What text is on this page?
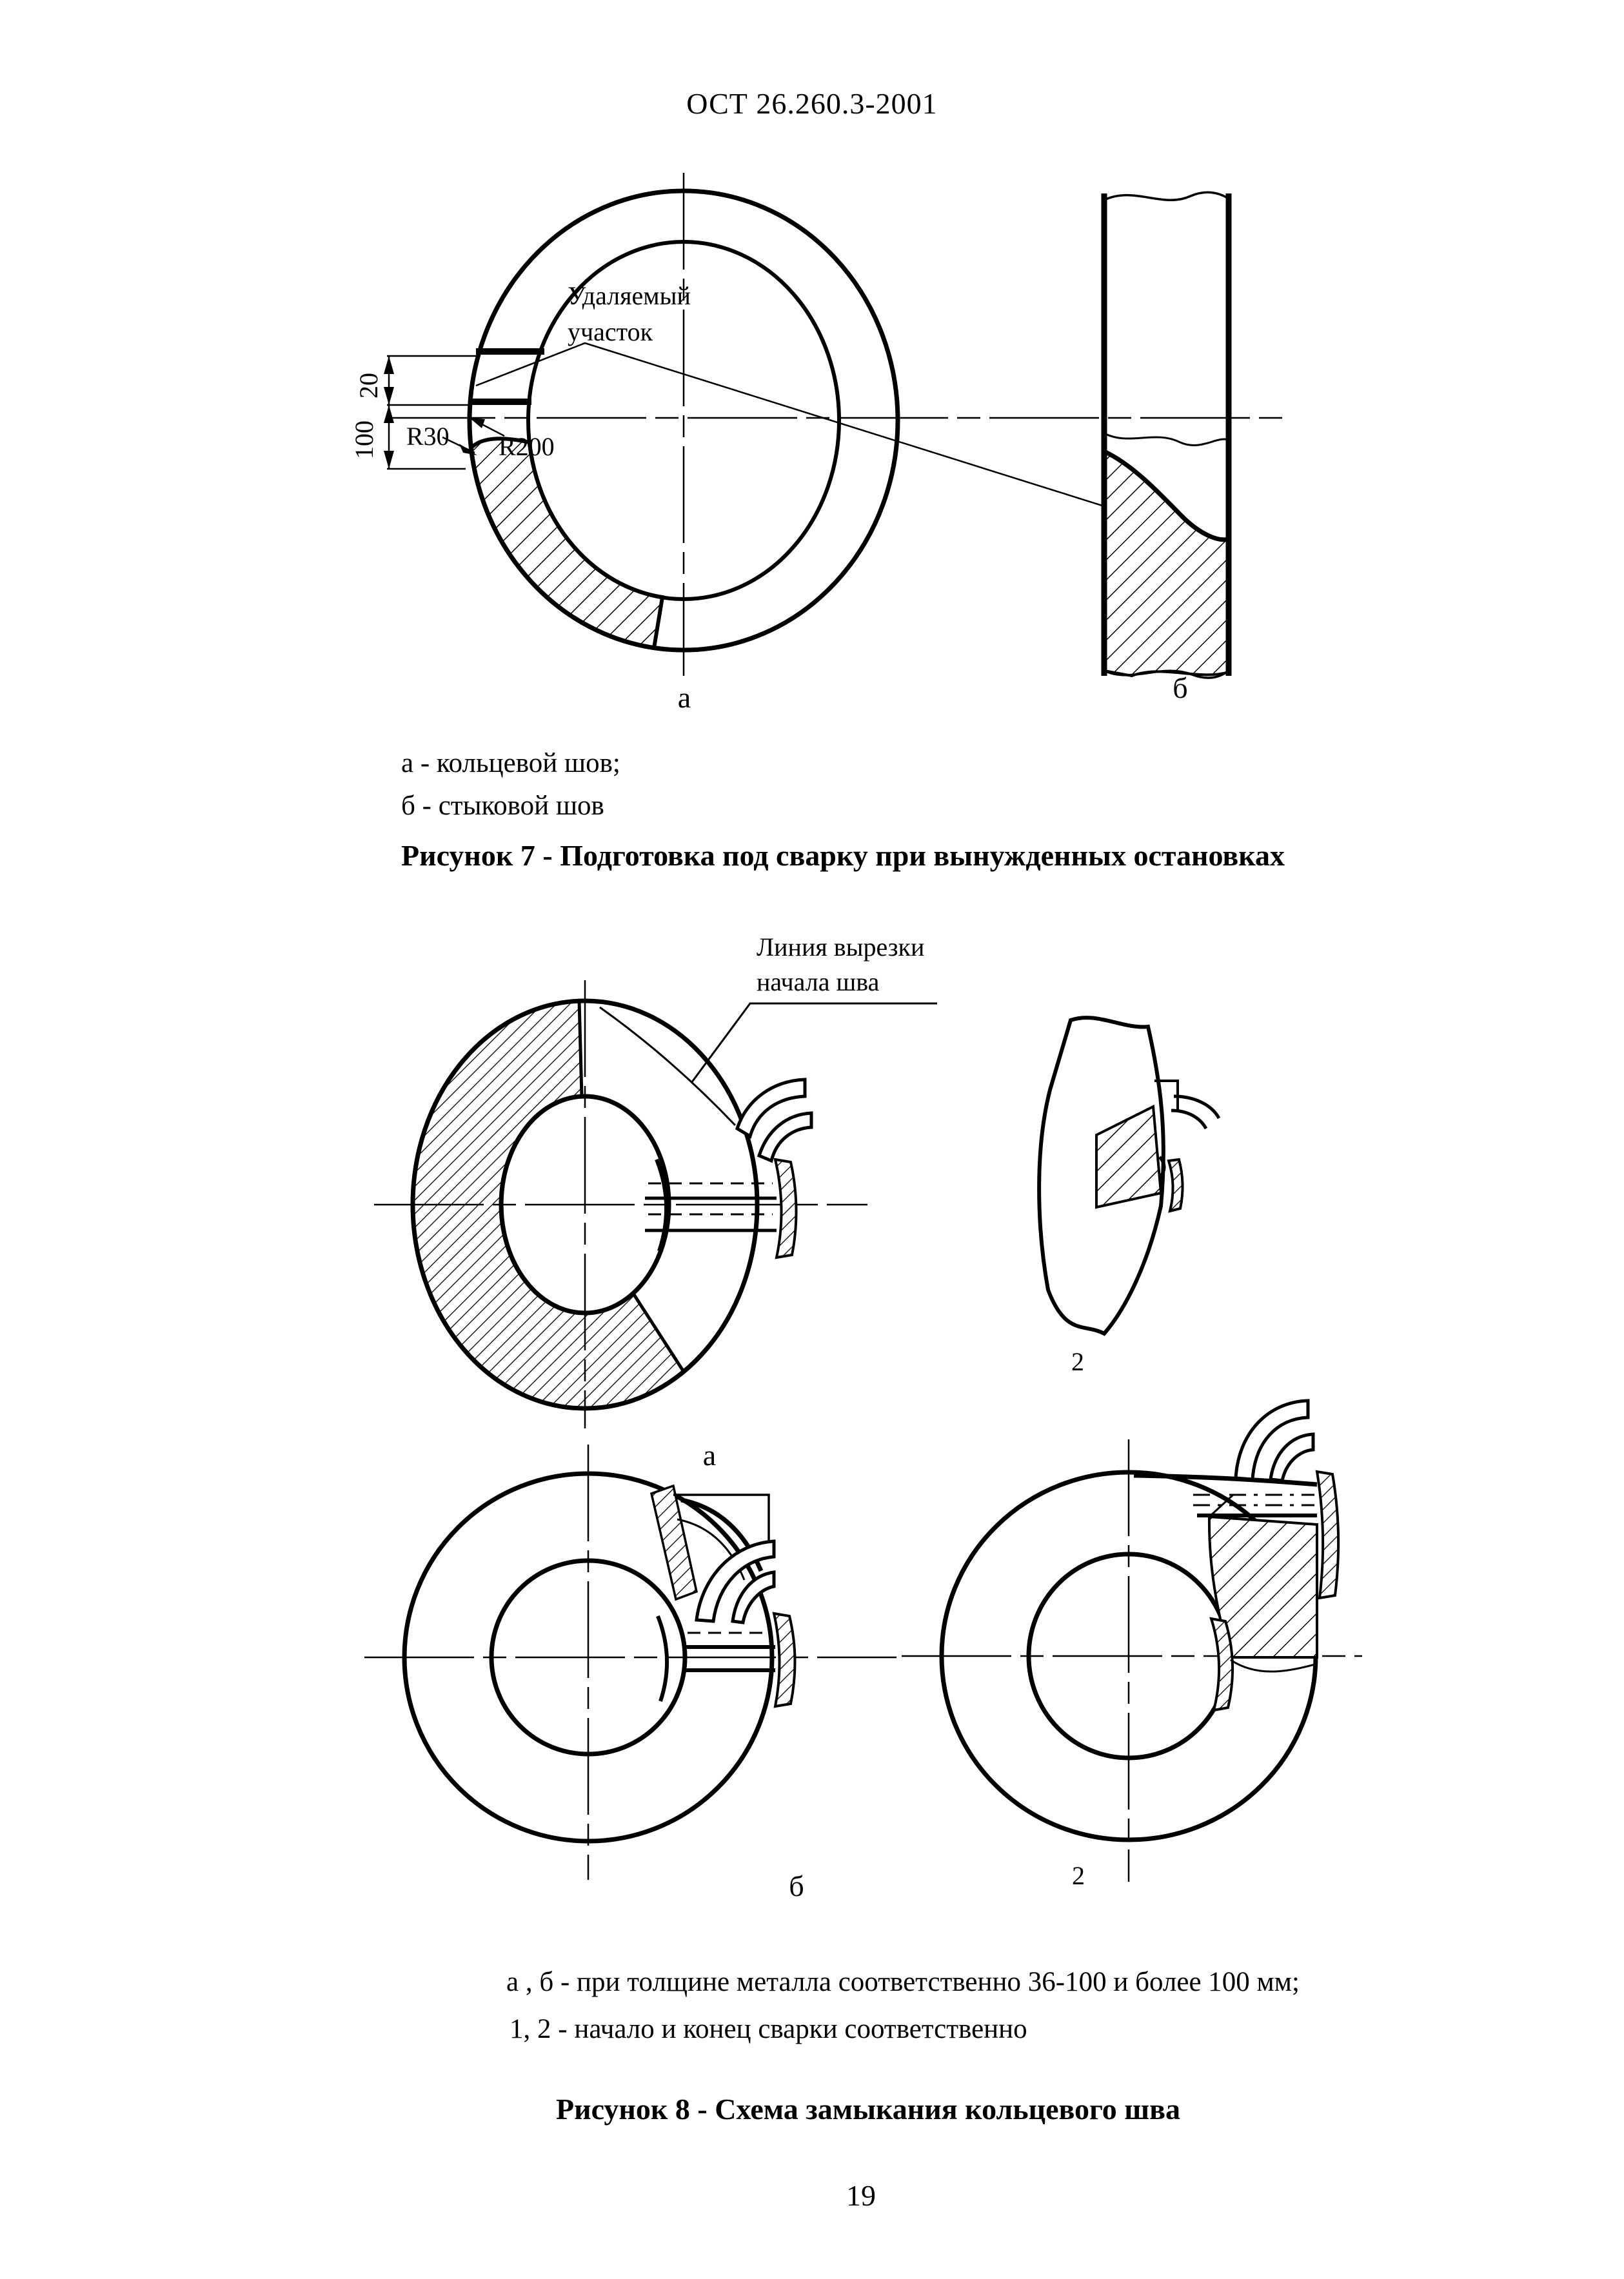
ОСТ 26.260.3-2001
Удаляемый
участок
R30 R200
20
100
а	б
Линия вырезки
начала шва
а
б
2
2
а - кольцевой шов;
б - стыковой шов
Рисунок 7 - Подготовка под сварку при вынужденных остановках
а , б - при толщине металла соответственно 36-100 и более 100 мм;
1, 2 - начало и конец сварки соответственно
Рисунок 8 - Схема замыкания кольцевого шва
19
